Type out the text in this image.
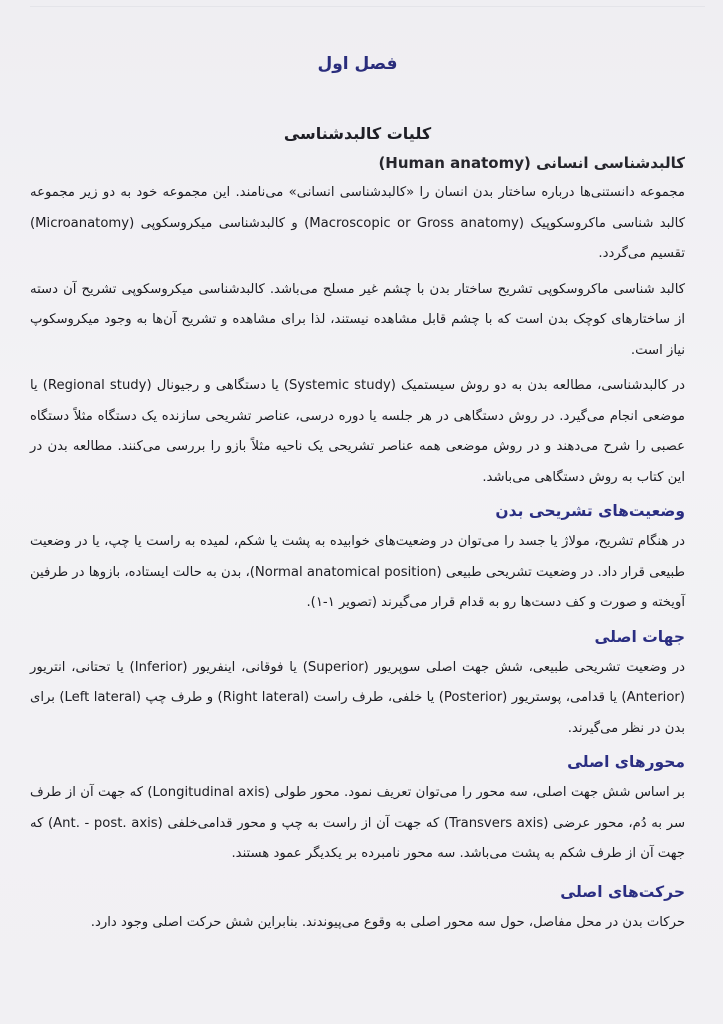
فصل اول
کلیات کالبدشناسی
کالبدشناسی انسانی (Human anatomy)
مجموعه دانستنی‌ها درباره ساختار بدن انسان را «کالبدشناسی انسانی» می‌نامند. این مجموعه خود به دو زیر مجموعه کالبد شناسی ماکروسکوپیک (Macroscopic or Gross anatomy) و کالبدشناسی میکروسکوپی (Microanatomy) تقسیم می‌گردد.
کالبد شناسی ماکروسکوپی تشریح ساختار بدن با چشم غیر مسلح می‌باشد. کالبدشناسی میکروسکوپی تشریح آن دسته از ساختارهای کوچک بدن است که با چشم قابل مشاهده نیستند، لذا برای مشاهده و تشریح آن‌ها به وجود میکروسکوپ نیاز است.
در کالبدشناسی، مطالعه بدن به دو روش سیستمیک (Systemic study) یا دستگاهی و رجیونال (Regional study) یا موضعی انجام می‌گیرد. در روش دستگاهی در هر جلسه یا دوره درسی، عناصر تشریحی سازنده یک دستگاه مثلاً دستگاه عصبی را شرح می‌دهند و در روش موضعی همه عناصر تشریحی یک ناحیه مثلاً بازو را بررسی می‌کنند. مطالعه بدن در این کتاب به روش دستگاهی می‌باشد.
وضعیت‌های تشریحی بدن
در هنگام تشریح، مولاژ یا جسد را می‌توان در وضعیت‌های خوابیده به پشت یا شکم، لمیده به راست یا چپ، یا در وضعیت طبیعی قرار داد. در وضعیت تشریحی طبیعی (Normal anatomical position)، بدن به حالت ایستاده، بازوها در طرفین آویخته و صورت و کف دست‌ها رو به قدام قرار می‌گیرند (تصویر ۱-۱).
جهات اصلی
در وضعیت تشریحی طبیعی، شش جهت اصلی سوپریور (Superior) یا فوقانی، اینفریور (Inferior) یا تحتانی، انتریور (Anterior) یا قدامی، پوستریور (Posterior) یا خلفی، طرف راست (Right lateral) و طرف چپ (Left lateral) برای بدن در نظر می‌گیرند.
محورهای اصلی
بر اساس شش جهت اصلی، سه محور را می‌توان تعریف نمود. محور طولی (Longitudinal axis) که جهت آن از طرف سر به دُم، محور عرضی (Transvers axis) که جهت آن از راست به چپ و محور قدامی‌خلفی (Ant. - post. axis) که جهت آن از طرف شکم به پشت می‌باشد. سه محور نامبرده بر یکدیگر عمود هستند.
حرکت‌های اصلی
حرکات بدن در محل مفاصل، حول سه محور اصلی به وقوع می‌پیوندند. بنابراین شش حرکت اصلی وجود دارد.
